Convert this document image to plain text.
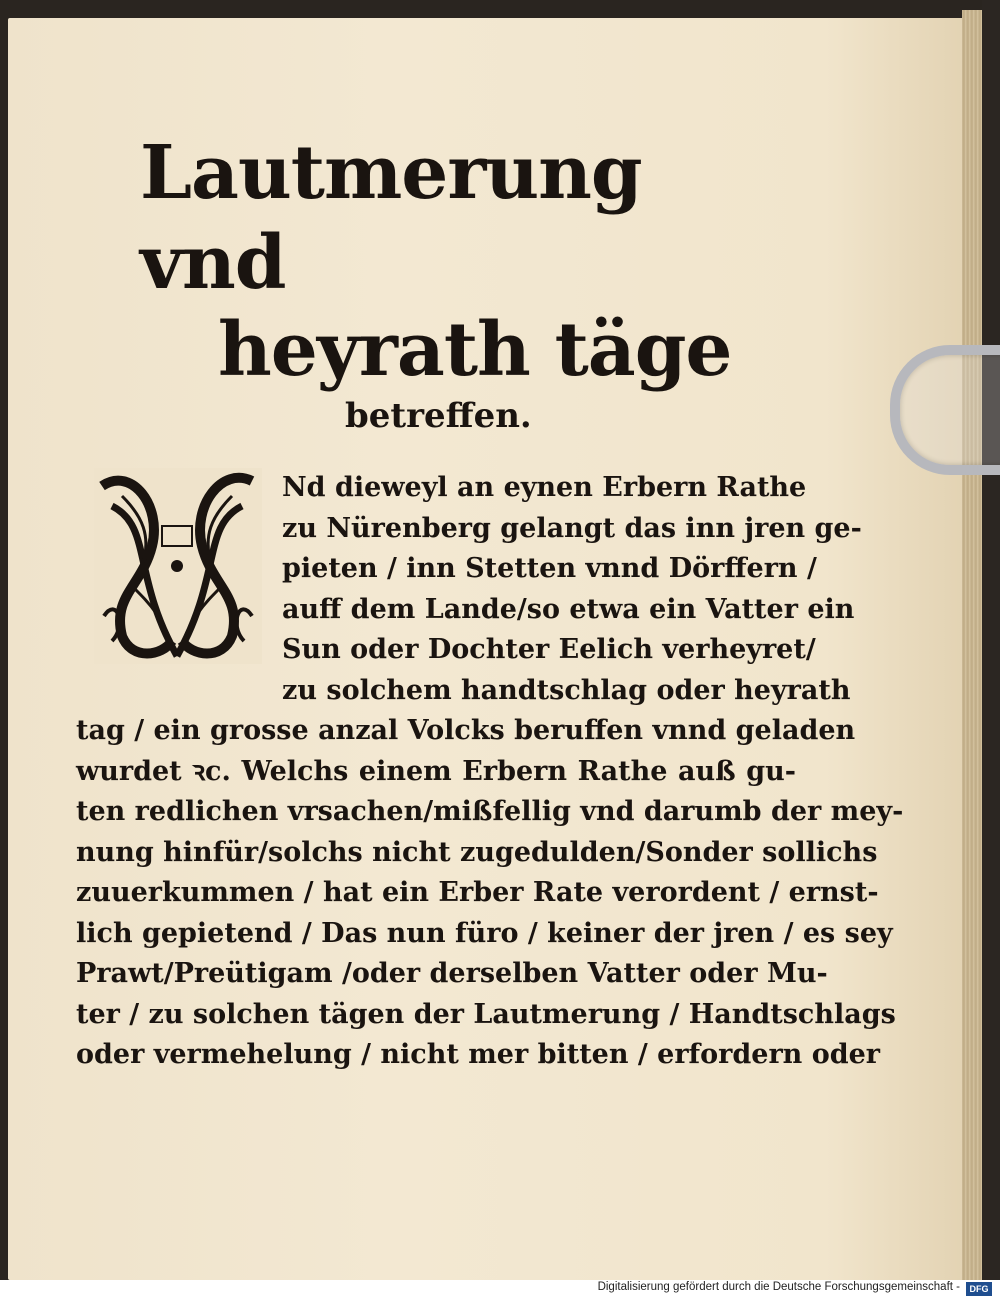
Lautmerung vnd
heyrath täge
betreffen.
Nd dieweyl an eynen Erbern Rathe
zu Nürenberg gelangt das inn jren ge-
pieten / inn Stetten vnnd Dörffern /
auff dem Lande/so etwa ein Vatter ein
Sun oder Dochter Eelich verheyret/
zu solchem handtschlag oder heyrath
tag / ein grosse anzal Volcks beruffen vnnd geladen
wurdet ꝛc. Welchs einem Erbern Rathe auß gu-
ten redlichen vrsachen/mißfellig vnd darumb der mey-
nung hinfür/solchs nicht zugedulden/Sonder sollichs
zuuerkummen / hat ein Erber Rate verordent / ernst-
lich gepietend / Das nun füro / keiner der jren / es sey
Prawt/Preütigam /oder derselben Vatter oder Mu-
ter / zu solchen tägen der Lautmerung / Handtschlags
oder vermehelung / nicht mer bitten / erfordern oder
Digitalisierung gefördert durch die Deutsche Forschungsgemeinschaft -	DFG
